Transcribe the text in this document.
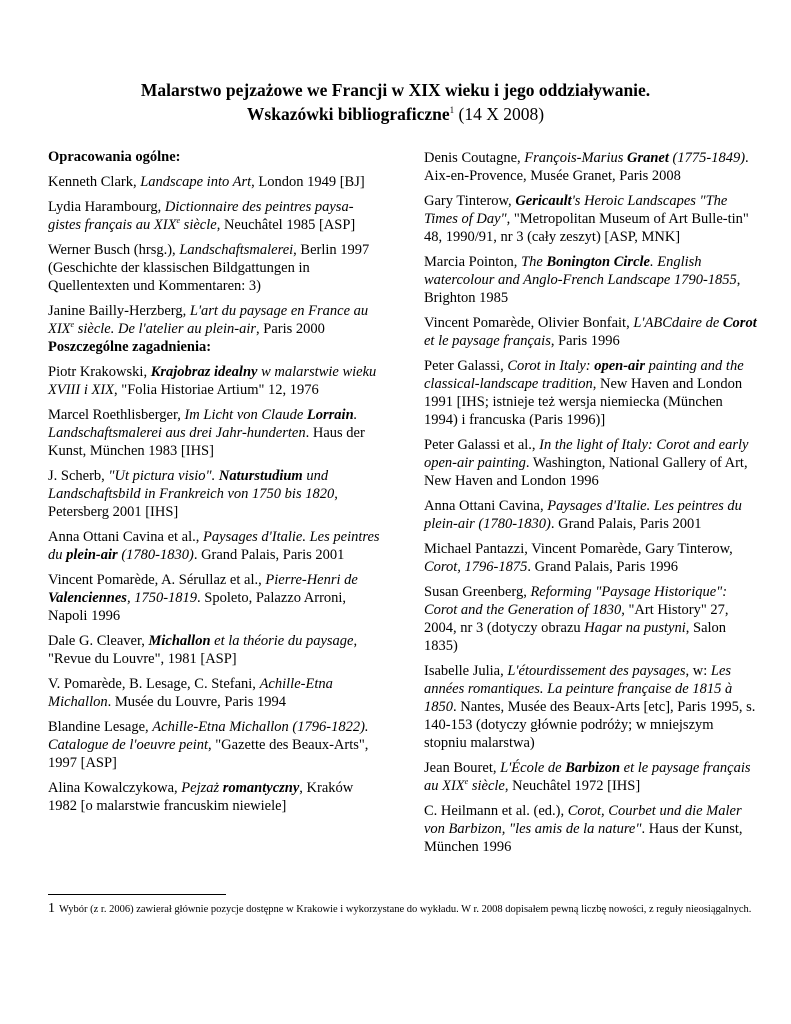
Malarstwo pejzażowe we Francji w XIX wieku i jego oddziaływanie.
Wskazówki bibliograficzne$^1$ (14 X 2008)
Opracowania ogólne:
Kenneth Clark, Landscape into Art, London 1949 [BJ]
Lydia Harambourg, Dictionnaire des peintres paysa-gistes français au XIXe siècle, Neuchâtel 1985 [ASP]
Werner Busch (hrsg.), Landschaftsmalerei, Berlin 1997 (Geschichte der klassischen Bildgattungen in Quellentexten und Kommentaren: 3)
Janine Bailly-Herzberg, L'art du paysage en France au XIXe siècle. De l'atelier au plein-air, Paris 2000
Poszczególne zagadnienia:
Piotr Krakowski, Krajobraz idealny w malarstwie wieku XVIII i XIX, "Folia Historiae Artium" 12, 1976
Marcel Roethlisberger, Im Licht von Claude Lorrain. Landschaftsmalerei aus drei Jahr-hunderten. Haus der Kunst, München 1983 [IHS]
J. Scherb, "Ut pictura visio". Naturstudium und Landschaftsbild in Frankreich von 1750 bis 1820, Petersberg 2001 [IHS]
Anna Ottani Cavina et al., Paysages d'Italie. Les peintres du plein-air (1780-1830). Grand Palais, Paris 2001
Vincent Pomarède, A. Sérullaz et al., Pierre-Henri de Valenciennes, 1750-1819. Spoleto, Palazzo Arroni, Napoli 1996
Dale G. Cleaver, Michallon et la théorie du paysage, "Revue du Louvre", 1981 [ASP]
V. Pomarède, B. Lesage, C. Stefani, Achille-Etna Michallon. Musée du Louvre, Paris 1994
Blandine Lesage, Achille-Etna Michallon (1796-1822). Catalogue de l'oeuvre peint, "Gazette des Beaux-Arts", 1997 [ASP]
Alina Kowalczykowa, Pejzaż romantyczny, Kraków 1982 [o malarstwie francuskim niewiele]
Denis Coutagne, François-Marius Granet (1775-1849). Aix-en-Provence, Musée Granet, Paris 2008
Gary Tinterow, Gericault's Heroic Landscapes "The Times of Day", "Metropolitan Museum of Art Bulle-tin" 48, 1990/91, nr 3 (cały zeszyt) [ASP, MNK]
Marcia Pointon, The Bonington Circle. English watercolour and Anglo-French Landscape 1790-1855, Brighton 1985
Vincent Pomarède, Olivier Bonfait, L'ABCdaire de Corot et le paysage français, Paris 1996
Peter Galassi, Corot in Italy: open-air painting and the classical-landscape tradition, New Haven and London 1991 [IHS; istnieje też wersja niemiecka (München 1994) i francuska (Paris 1996)]
Peter Galassi et al., In the light of Italy: Corot and early open-air painting. Washington, National Gallery of Art, New Haven and London 1996
Anna Ottani Cavina, Paysages d'Italie. Les peintres du plein-air (1780-1830). Grand Palais, Paris 2001
Michael Pantazzi, Vincent Pomarède, Gary Tinterow, Corot, 1796-1875. Grand Palais, Paris 1996
Susan Greenberg, Reforming "Paysage Historique": Corot and the Generation of 1830, "Art History" 27, 2004, nr 3 (dotyczy obrazu Hagar na pustyni, Salon 1835)
Isabelle Julia, L'étourdissement des paysages, w: Les années romantiques. La peinture française de 1815 à 1850. Nantes, Musée des Beaux-Arts [etc], Paris 1995, s. 140-153 (dotyczy głównie podróży; w mniejszym stopniu malarstwa)
Jean Bouret, L'École de Barbizon et le paysage français au XIXe siècle, Neuchâtel 1972 [IHS]
C. Heilmann et al. (ed.), Corot, Courbet und die Maler von Barbizon, "les amis de la nature". Haus der Kunst, München 1996
1 Wybór (z r. 2006) zawierał głównie pozycje dostępne w Krakowie i wykorzystane do wykładu. W r. 2008 dopisałem pewną liczbę nowości, z reguły nieosiągalnych.
